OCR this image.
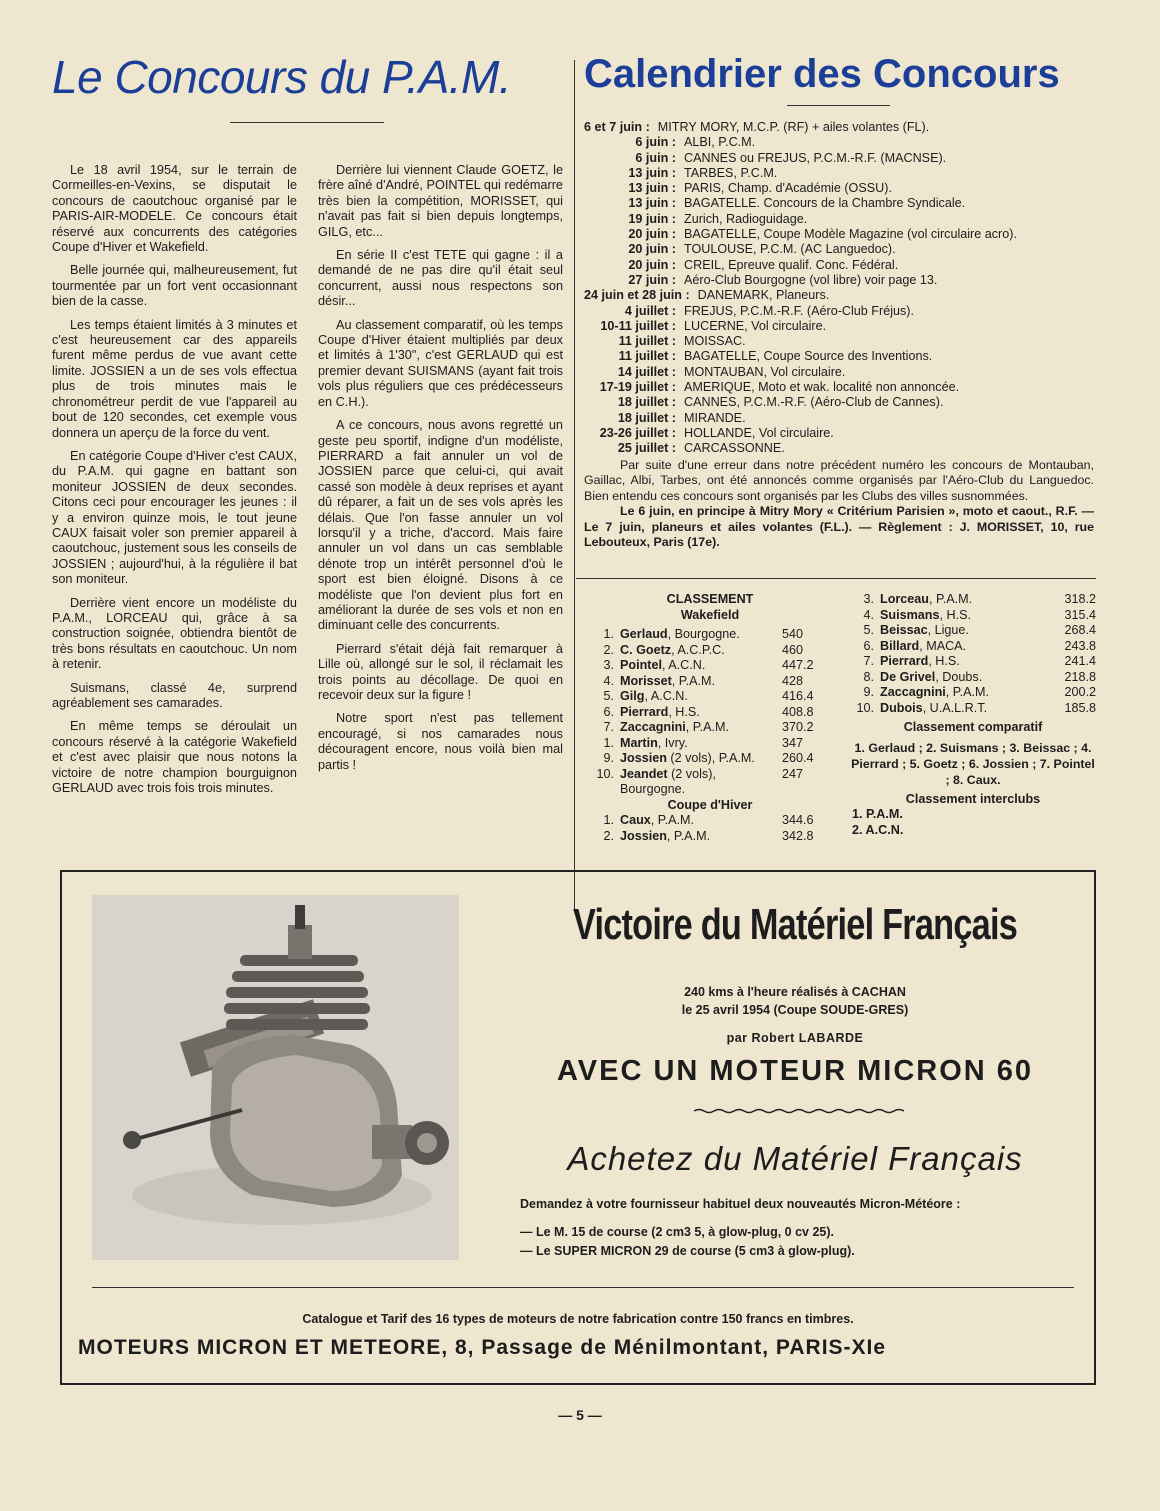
Le Concours du P.A.M.	Calendrier des Concours

Le 18 avril 1954, sur le terrain de Cormeilles-en-Vexins, se disputait le concours de caoutchouc organisé par le PARIS-AIR-MODELE. Ce concours était réservé aux concurrents des catégories Coupe d'Hiver et Wakefield.

Belle journée qui, malheureusement, fut tourmentée par un fort vent occasionnant bien de la casse.

Les temps étaient limités à 3 minutes et c'est heureusement car des appareils furent même perdus de vue avant cette limite. JOSSIEN a un de ses vols effectua plus de trois minutes mais le chronométreur perdit de vue l'appareil au bout de 120 secondes, cet exemple vous donnera un aperçu de la force du vent.

En catégorie Coupe d'Hiver c'est CAUX, du P.A.M. qui gagne en battant son moniteur JOSSIEN de deux secondes. Citons ceci pour encourager les jeunes : il y a environ quinze mois, le tout jeune CAUX faisait voler son premier appareil à caoutchouc, justement sous les conseils de JOSSIEN ; aujourd'hui, à la régulière il bat son moniteur.

Derrière vient encore un modéliste du P.A.M., LORCEAU qui, grâce à sa construction soignée, obtiendra bientôt de très bons résultats en caoutchouc. Un nom à retenir.

Suismans, classé 4e, surprend agréablement ses camarades.

En même temps se déroulait un concours réservé à la catégorie Wakefield et c'est avec plaisir que nous notons la victoire de notre champion bourguignon GERLAUD avec trois fois trois minutes.

Derrière lui viennent Claude GOETZ, le frère aîné d'André, POINTEL qui redémarre très bien la compétition, MORISSET, qui n'avait pas fait si bien depuis longtemps, GILG, etc...

En série II c'est TETE qui gagne : il a demandé de ne pas dire qu'il était seul concurrent, aussi nous respectons son désir...

Au classement comparatif, où les temps Coupe d'Hiver étaient multipliés par deux et limités à 1'30", c'est GERLAUD qui est premier devant SUISMANS (ayant fait trois vols plus réguliers que ces prédécesseurs en C.H.).

A ce concours, nous avons regretté un geste peu sportif, indigne d'un modéliste, PIERRARD a fait annuler un vol de JOSSIEN parce que celui-ci, qui avait cassé son modèle à deux reprises et ayant dû réparer, a fait un de ses vols après les délais. Que l'on fasse annuler un vol lorsqu'il y a triche, d'accord. Mais faire annuler un vol dans un cas semblable dénote trop un intérêt personnel d'où le sport est bien éloigné. Disons à ce modéliste que l'on devient plus fort en améliorant la durée de ses vols et non en diminuant celle des concurrents.

Pierrard s'était déjà fait remarquer à Lille où, allongé sur le sol, il réclamait les trois points au décollage. De quoi en recevoir deux sur la figure !

Notre sport n'est pas tellement encouragé, si nos camarades nous découragent encore, nous voilà bien mal partis !

6 et 7 juin : MITRY MORY, M.C.P. (RF) + ailes volantes (FL).
6 juin : ALBI, P.C.M.
6 juin : CANNES ou FREJUS, P.C.M.-R.F. (MACNSE).
13 juin : TARBES, P.C.M.
13 juin : PARIS, Champ. d'Académie (OSSU).
13 juin : BAGATELLE. Concours de la Chambre Syndicale.
19 juin : Zurich, Radioguidage.
20 juin : BAGATELLE, Coupe Modèle Magazine (vol circulaire acro).
20 juin : TOULOUSE, P.C.M. (AC Languedoc).
20 juin : CREIL, Epreuve qualif. Conc. Fédéral.
27 juin : Aéro-Club Bourgogne (vol libre) voir page 13.
24 juin et 28 juin : DANEMARK, Planeurs.
4 juillet : FREJUS, P.C.M.-R.F. (Aéro-Club Fréjus).
10-11 juillet : LUCERNE, Vol circulaire.
11 juillet : MOISSAC.
11 juillet : BAGATELLE, Coupe Source des Inventions.
14 juillet : MONTAUBAN, Vol circulaire.
17-19 juillet : AMERIQUE, Moto et wak. localité non annoncée.
18 juillet : CANNES, P.C.M.-R.F. (Aéro-Club de Cannes).
18 juillet : MIRANDE.
23-26 juillet : HOLLANDE, Vol circulaire.
25 juillet : CARCASSONNE.

Par suite d'une erreur dans notre précédent numéro les concours de Montauban, Gaillac, Albi, Tarbes, ont été annoncés comme organisés par l'Aéro-Club du Languedoc. Bien entendu ces concours sont organisés par les Clubs des villes susnommées.

Le 6 juin, en principe à Mitry Mory « Critérium Parisien », moto et caout., R.F. — Le 7 juin, planeurs et ailes volantes (F.L.). — Règlement : J. MORISSET, 10, rue Lebouteux, Paris (17e).

CLASSEMENT
Wakefield
1. Gerlaud, Bourgogne.	540
2. C. Goetz, A.C.P.C.	460
3. Pointel, A.C.N.	447.2
4. Morisset, P.A.M.	428
5. Gilg, A.C.N.	416.4
6. Pierrard, H.S.	408.8
7. Zaccagnini, P.A.M.	370.2
1. Martin, Ivry.	347
9. Jossien (2 vols), P.A.M.	260.4
10. Jeandet (2 vols), Bourgogne.
247
Coupe d'Hiver
1. Caux, P.A.M.	344.6
2. Jossien, P.A.M.	342.8
3. Lorceau, P.A.M.	318.2
4. Suismans, H.S.	315.4
5. Beissac, Ligue.	268.4
6. Billard, MACA.	243.8
7. Pierrard, H.S.	241.4
8. De Grivel, Doubs.	218.8
9. Zaccagnini, P.A.M.	200.2
10. Dubois, U.A.L.R.T.	185.8
Classement comparatif
1. Gerlaud ; 2. Suismans ; 3. Beissac ; 4. Pierrard ; 5. Goetz ; 6. Jossien ; 7. Pointel ; 8. Caux.
Classement interclubs
1. P.A.M.
2. A.C.N.
Victoire du Matériel Français
240 kms à l'heure réalisés à CACHAN
le 25 avril 1954 (Coupe SOUDE-GRES)
par Robert LABARDE
AVEC UN MOTEUR MICRON 60
Achetez du Matériel Français
Demandez à votre fournisseur habituel deux nouveautés Micron-Météore :
— Le M. 15 de course (2 cm3 5, à glow-plug, 0 cv 25).
— Le SUPER MICRON 29 de course (5 cm3 à glow-plug).
Catalogue et Tarif des 16 types de moteurs de notre fabrication contre 150 francs en timbres.
MOTEURS MICRON ET METEORE, 8, Passage de Ménilmontant, PARIS-XIe
— 5 —
